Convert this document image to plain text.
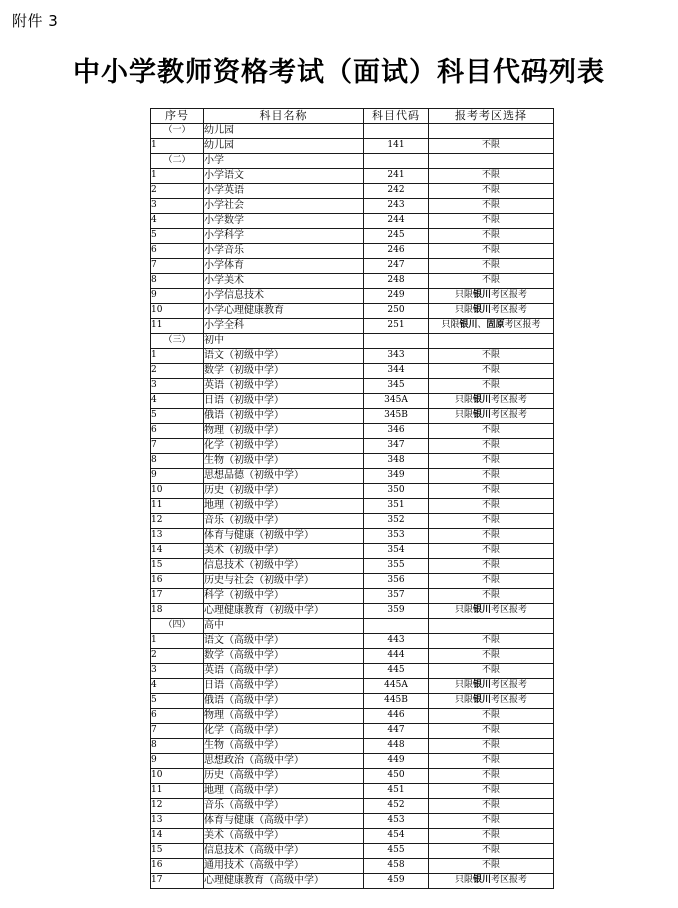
附件 3
中小学教师资格考试（面试）科目代码列表
序号	科目名称	科目代码	报考考区选择
（一）	幼儿园		
1	幼儿园	141	不限
（二）	小学		
1	小学语文	241	不限
2	小学英语	242	不限
3	小学社会	243	不限
4	小学数学	244	不限
5	小学科学	245	不限
6	小学音乐	246	不限
7	小学体育	247	不限
8	小学美术	248	不限
9	小学信息技术	249	只限银川考区报考
10	小学心理健康教育	250	只限银川考区报考
11	小学全科	251	只限银川、固原考区报考
（三）	初中		
1	语文（初级中学）	343	不限
2	数学（初级中学）	344	不限
3	英语（初级中学）	345	不限
4	日语（初级中学）	345A	只限银川考区报考
5	俄语（初级中学）	345B	只限银川考区报考
6	物理（初级中学）	346	不限
7	化学（初级中学）	347	不限
8	生物（初级中学）	348	不限
9	思想品德（初级中学）	349	不限
10	历史（初级中学）	350	不限
11	地理（初级中学）	351	不限
12	音乐（初级中学）	352	不限
13	体育与健康（初级中学）	353	不限
14	美术（初级中学）	354	不限
15	信息技术（初级中学）	355	不限
16	历史与社会（初级中学）	356	不限
17	科学（初级中学）	357	不限
18	心理健康教育（初级中学）	359	只限银川考区报考
（四）	高中		
1	语文（高级中学）	443	不限
2	数学（高级中学）	444	不限
3	英语（高级中学）	445	不限
4	日语（高级中学）	445A	只限银川考区报考
5	俄语（高级中学）	445B	只限银川考区报考
6	物理（高级中学）	446	不限
7	化学（高级中学）	447	不限
8	生物（高级中学）	448	不限
9	思想政治（高级中学）	449	不限
10	历史（高级中学）	450	不限
11	地理（高级中学）	451	不限
12	音乐（高级中学）	452	不限
13	体育与健康（高级中学）	453	不限
14	美术（高级中学）	454	不限
15	信息技术（高级中学）	455	不限
16	通用技术（高级中学）	458	不限
17	心理健康教育（高级中学）	459	只限银川考区报考
